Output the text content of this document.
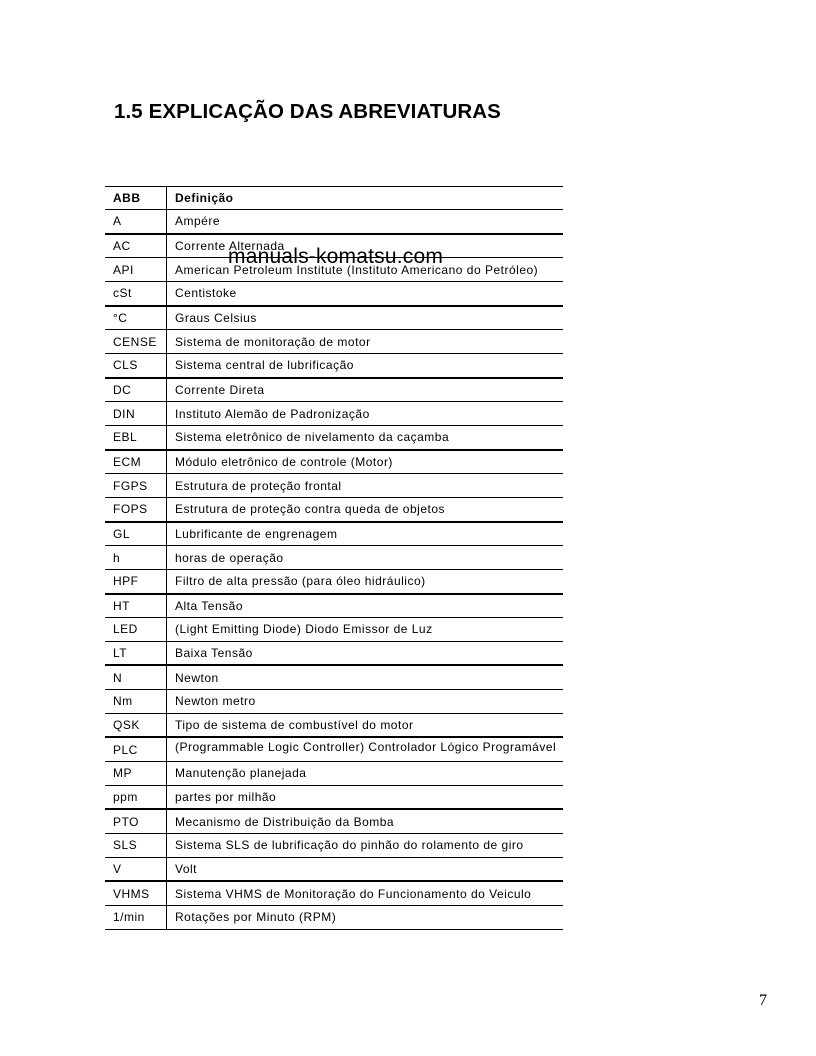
1.5 EXPLICAÇÃO DAS ABREVIATURAS
ABB	Definição
A	Ampére
AC	Corrente Alternada
API	American Petroleum Institute (Instituto Americano do Petróleo)
cSt	Centistoke
°C	Graus Celsius
CENSE	Sistema de monitoração de motor
CLS	Sistema central de lubrificação
DC	Corrente Direta
DIN	Instituto Alemão de Padronização
EBL	Sistema eletrônico de nivelamento da caçamba
ECM	Módulo eletrônico de controle (Motor)
FGPS	Estrutura de proteção frontal
FOPS	Estrutura de proteção contra queda de objetos
GL	Lubrificante de engrenagem
h	horas de operação
HPF	Filtro de alta pressão (para óleo hidráulico)
HT	Alta Tensão
LED	(Light Emitting Diode) Diodo Emissor de Luz
LT	Baixa Tensão
N	Newton
Nm	Newton metro
QSK	Tipo de sistema de combustível do motor
PLC	(Programmable Logic Controller) Controlador Lógico Programável

MP	Manutenção planejada
ppm	partes por milhão
PTO	Mecanismo de Distribuição da Bomba
SLS	Sistema SLS de lubrificação do pinhão do rolamento de giro
V	Volt
VHMS	Sistema VHMS de Monitoração do Funcionamento do Veiculo
1/min	Rotações por Minuto (RPM)
manuals-komatsu.com
7
